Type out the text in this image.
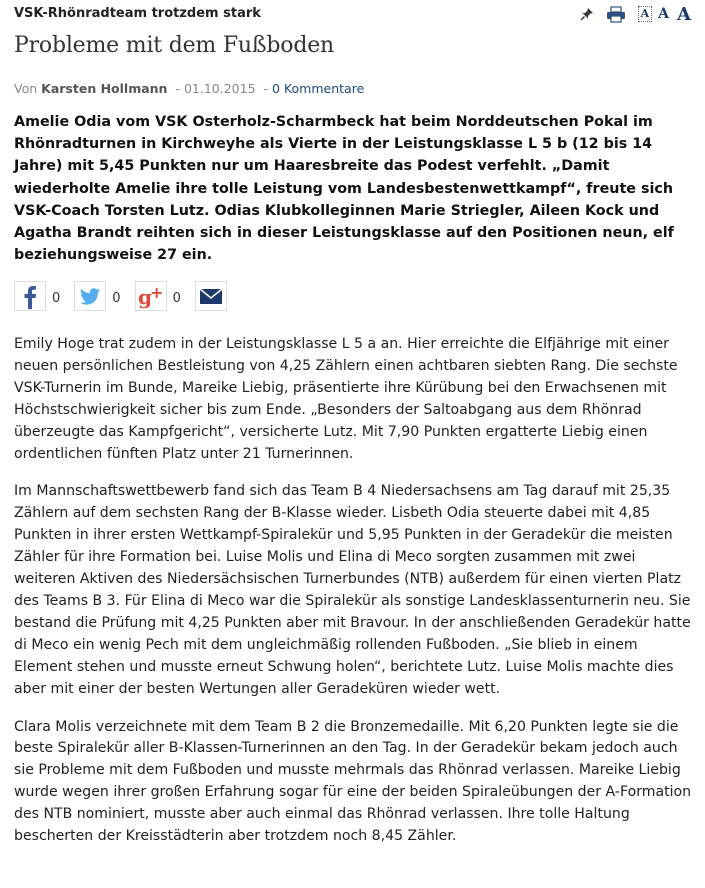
VSK-Rhönradteam trotzdem stark	A A A
Probleme mit dem Fußboden
Von Karsten Hollmann - 01.10.2015 - 0 Kommentare

Amelie Odia vom VSK Osterholz-Scharmbeck hat beim Norddeutschen Pokal im Rhönradturnen in Kirchweyhe als Vierte in der Leistungsklasse L 5 b (12 bis 14 Jahre) mit 5,45 Punkten nur um Haaresbreite das Podest verfehlt. „Damit wiederholte Amelie ihre tolle Leistung vom Landesbestenwettkampf“, freute sich VSK-Coach Torsten Lutz. Odias Klubkolleginnen Marie Striegler, Aileen Kock und Agatha Brandt reihten sich in dieser Leistungsklasse auf den Positionen neun, elf beziehungsweise 27 ein.

0	0 g
+ 0

Emily Hoge trat zudem in der Leistungsklasse L 5 a an. Hier erreichte die Elfjährige mit einer neuen persönlichen Bestleistung von 4,25 Zählern einen achtbaren siebten Rang. Die sechste VSK-Turnerin im Bunde, Mareike Liebig, präsentierte ihre Kürübung bei den Erwachsenen mit Höchstschwierigkeit sicher bis zum Ende. „Besonders der Saltoabgang aus dem Rhönrad überzeugte das Kampfgericht“, versicherte Lutz. Mit 7,90 Punkten ergatterte Liebig einen ordentlichen fünften Platz unter 21 Turnerinnen.

Im Mannschaftswettbewerb fand sich das Team B 4 Niedersachsens am Tag darauf mit 25,35 Zählern auf dem sechsten Rang der B-Klasse wieder. Lisbeth Odia steuerte dabei mit 4,85 Punkten in ihrer ersten Wettkampf-Spiralekür und 5,95 Punkten in der Geradekür die meisten Zähler für ihre Formation bei. Luise Molis und Elina di Meco sorgten zusammen mit zwei weiteren Aktiven des Niedersächsischen Turnerbundes (NTB) außerdem für einen vierten Platz des Teams B 3. Für Elina di Meco war die Spiralekür als sonstige Landesklassenturnerin neu. Sie bestand die Prüfung mit 4,25 Punkten aber mit Bravour. In der anschließenden Geradekür hatte di Meco ein wenig Pech mit dem ungleichmäßig rollenden Fußboden. „Sie blieb in einem Element stehen und musste erneut Schwung holen“, berichtete Lutz. Luise Molis machte dies aber mit einer der besten Wertungen aller Geradeküren wieder wett.

Clara Molis verzeichnete mit dem Team B 2 die Bronzemedaille. Mit 6,20 Punkten legte sie die beste Spiralekür aller B-Klassen-Turnerinnen an den Tag. In der Geradekür bekam jedoch auch sie Probleme mit dem Fußboden und musste mehrmals das Rhönrad verlassen. Mareike Liebig wurde wegen ihrer großen Erfahrung sogar für eine der beiden Spiraleübungen der A-Formation des NTB nominiert, musste aber auch einmal das Rhönrad verlassen. Ihre tolle Haltung bescherten der Kreisstädterin aber trotzdem noch 8,45 Zähler.
